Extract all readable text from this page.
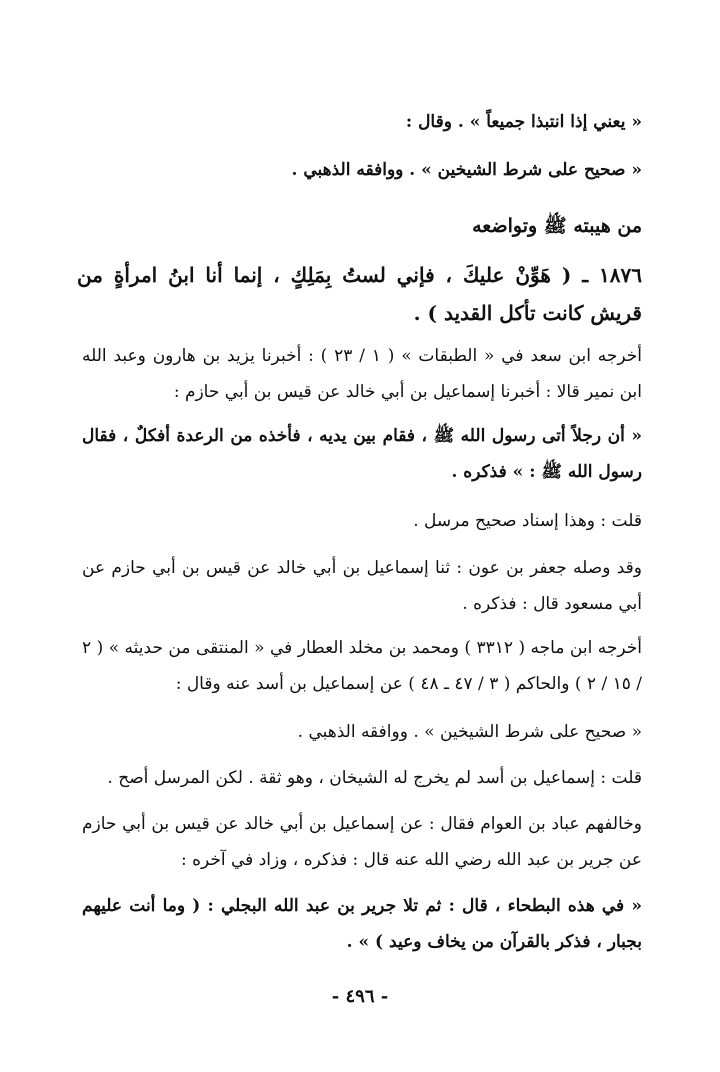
« يعني إذا انتبذا جميعاً » . وقال :

« صحيح على شرط الشيخين » . ووافقه الذهبي .

من هيبته ﷺ وتواضعه

١٨٧٦ ـ ( هَوِّنْ عليكَ ، فإني لستُ بِمَلِكٍ ، إنما أنا ابنُ امرأةٍ من قريش كانت تأكل القديد ) .

أخرجه ابن سعد في « الطبقات » ( ١ / ٢٣ ) : أخبرنا يزيد بن هارون وعبد الله ابن نمير قالا : أخبرنا إسماعيل بن أبي خالد عن قيس بن أبي حازم :

« أن رجلاً أتى رسول الله ﷺ ، فقام بين يديه ، فأخذه من الرعدة أفكلٌ ، فقال رسول الله ﷺ : » فذكره .

قلت : وهذا إسناد صحيح مرسل .

وقد وصله جعفر بن عون : ثنا إسماعيل بن أبي خالد عن قيس بن أبي حازم عن أبي مسعود قال : فذكره .

أخرجه ابن ماجه ( ٣٣١٢ ) ومحمد بن مخلد العطار في « المنتقى من حديثه » ( ٢ / ١٥ / ٢ ) والحاكم ( ٣ / ٤٧ ـ ٤٨ ) عن إسماعيل بن أسد عنه وقال :

« صحيح على شرط الشيخين » . ووافقه الذهبي .

قلت : إسماعيل بن أسد لم يخرج له الشيخان ، وهو ثقة . لكن المرسل أصح .

وخالفهم عباد بن العوام فقال : عن إسماعيل بن أبي خالد عن قيس بن أبي حازم عن جرير بن عبد الله رضي الله عنه قال : فذكره ، وزاد في آخره :

« في هذه البطحاء ، قال : ثم تلا جرير بن عبد الله البجلي : ( وما أنت عليهم بجبار ، فذكر بالقرآن من يخاف وعيد ) » .

- ٤٩٦ -
